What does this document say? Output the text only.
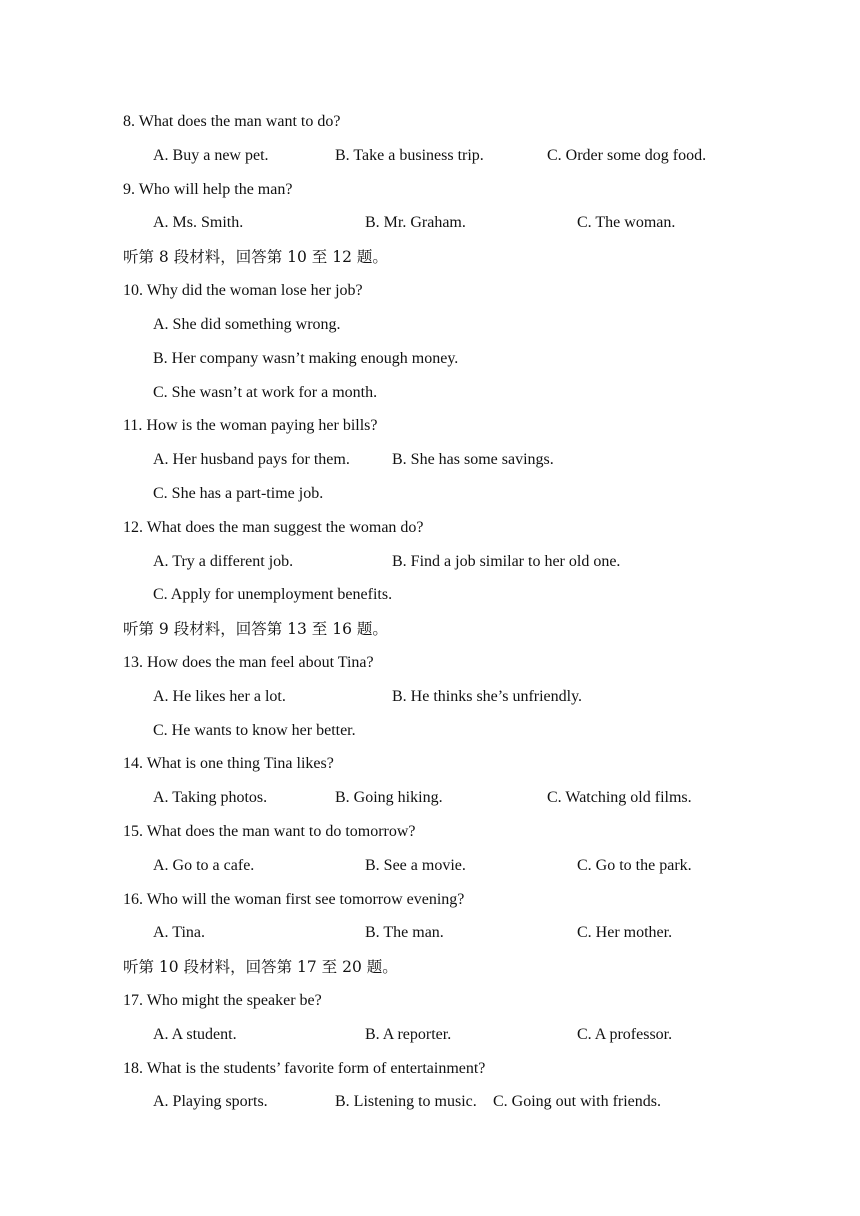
8. What does the man want to do?
A. Buy a new pet.	B. Take a business trip.	C. Order some dog food.
9. Who will help the man?
A. Ms. Smith.	B. Mr. Graham.	C. The woman.
听第 8 段材料，回答第 10 至 12 题。
10. Why did the woman lose her job?
A. She did something wrong.
B. Her company wasn’t making enough money.
C. She wasn’t at work for a month.
11. How is the woman paying her bills?
A. Her husband pays for them.	B. She has some savings.
C. She has a part-time job.
12. What does the man suggest the woman do?
A. Try a different job.	B. Find a job similar to her old one.
C. Apply for unemployment benefits.
听第 9 段材料，回答第 13 至 16 题。
13. How does the man feel about Tina?
A. He likes her a lot.	B. He thinks she’s unfriendly.
C. He wants to know her better.
14. What is one thing Tina likes?
A. Taking photos.	B. Going hiking.	C. Watching old films.
15. What does the man want to do tomorrow?
A. Go to a cafe.	B. See a movie.	C. Go to the park.
16. Who will the woman first see tomorrow evening?
A. Tina.	B. The man.	C. Her mother.
听第 10 段材料，回答第 17 至 20 题。
17. Who might the speaker be?
A. A student.	B. A reporter.	C. A professor.
18. What is the students’ favorite form of entertainment?
A. Playing sports.	B. Listening to music. C. Going out with friends.
